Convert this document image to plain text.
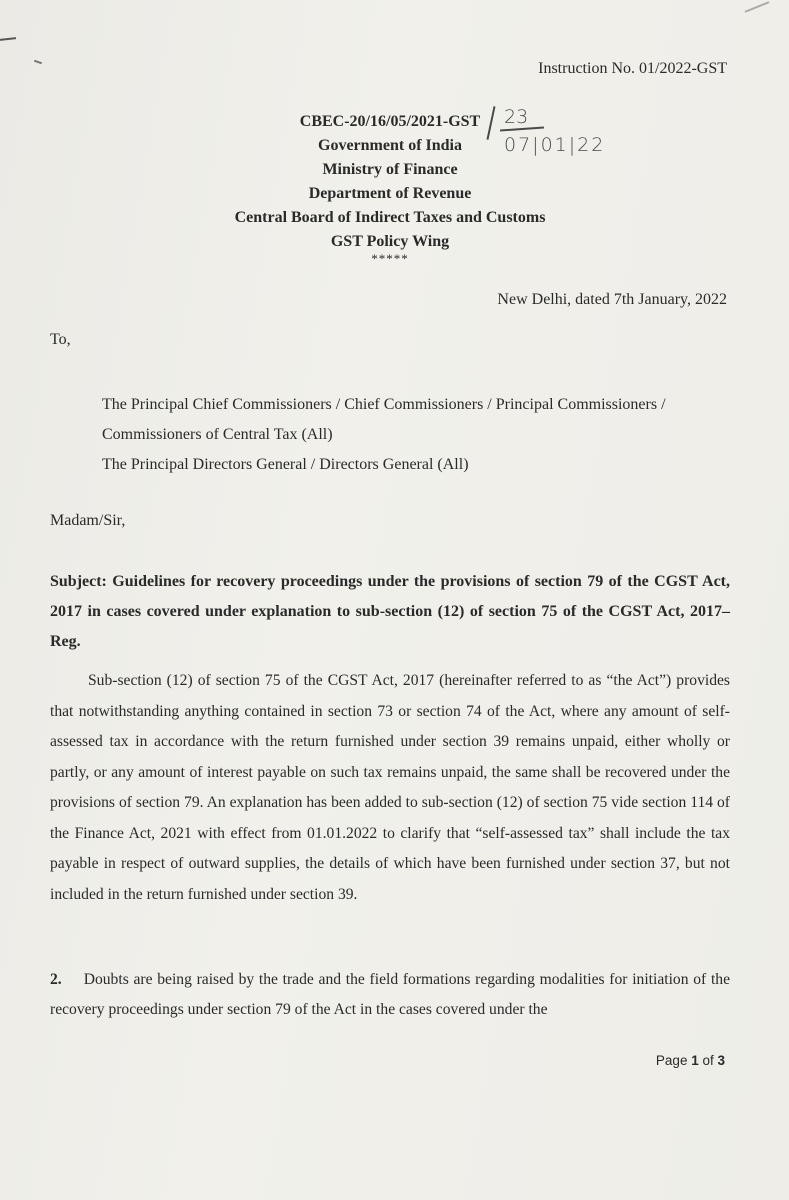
Instruction No. 01/2022-GST
CBEC-20/16/05/2021-GST
Government of India
Ministry of Finance
Department of Revenue
Central Board of Indirect Taxes and Customs
GST Policy Wing
*****
23
07|01|22
New Delhi, dated 7th January, 2022
To,
The Principal Chief Commissioners / Chief Commissioners / Principal Commissioners /
Commissioners of Central Tax (All)
The Principal Directors General / Directors General (All)
Madam/Sir,
Subject: Guidelines for recovery proceedings under the provisions of section 79 of the CGST Act, 2017 in cases covered under explanation to sub-section (12) of section 75 of the CGST Act, 2017–Reg.
Sub-section (12) of section 75 of the CGST Act, 2017 (hereinafter referred to as “the Act”) provides that notwithstanding anything contained in section 73 or section 74 of the Act, where any amount of self-assessed tax in accordance with the return furnished under section 39 remains unpaid, either wholly or partly, or any amount of interest payable on such tax remains unpaid, the same shall be recovered under the provisions of section 79. An explanation has been added to sub-section (12) of section 75 vide section 114 of the Finance Act, 2021 with effect from 01.01.2022 to clarify that “self-assessed tax” shall include the tax payable in respect of outward supplies, the details of which have been furnished under section 37, but not included in the return furnished under section 39.
2. Doubts are being raised by the trade and the field formations regarding modalities for initiation of the recovery proceedings under section 79 of the Act in the cases covered under the
Page 1 of 3
